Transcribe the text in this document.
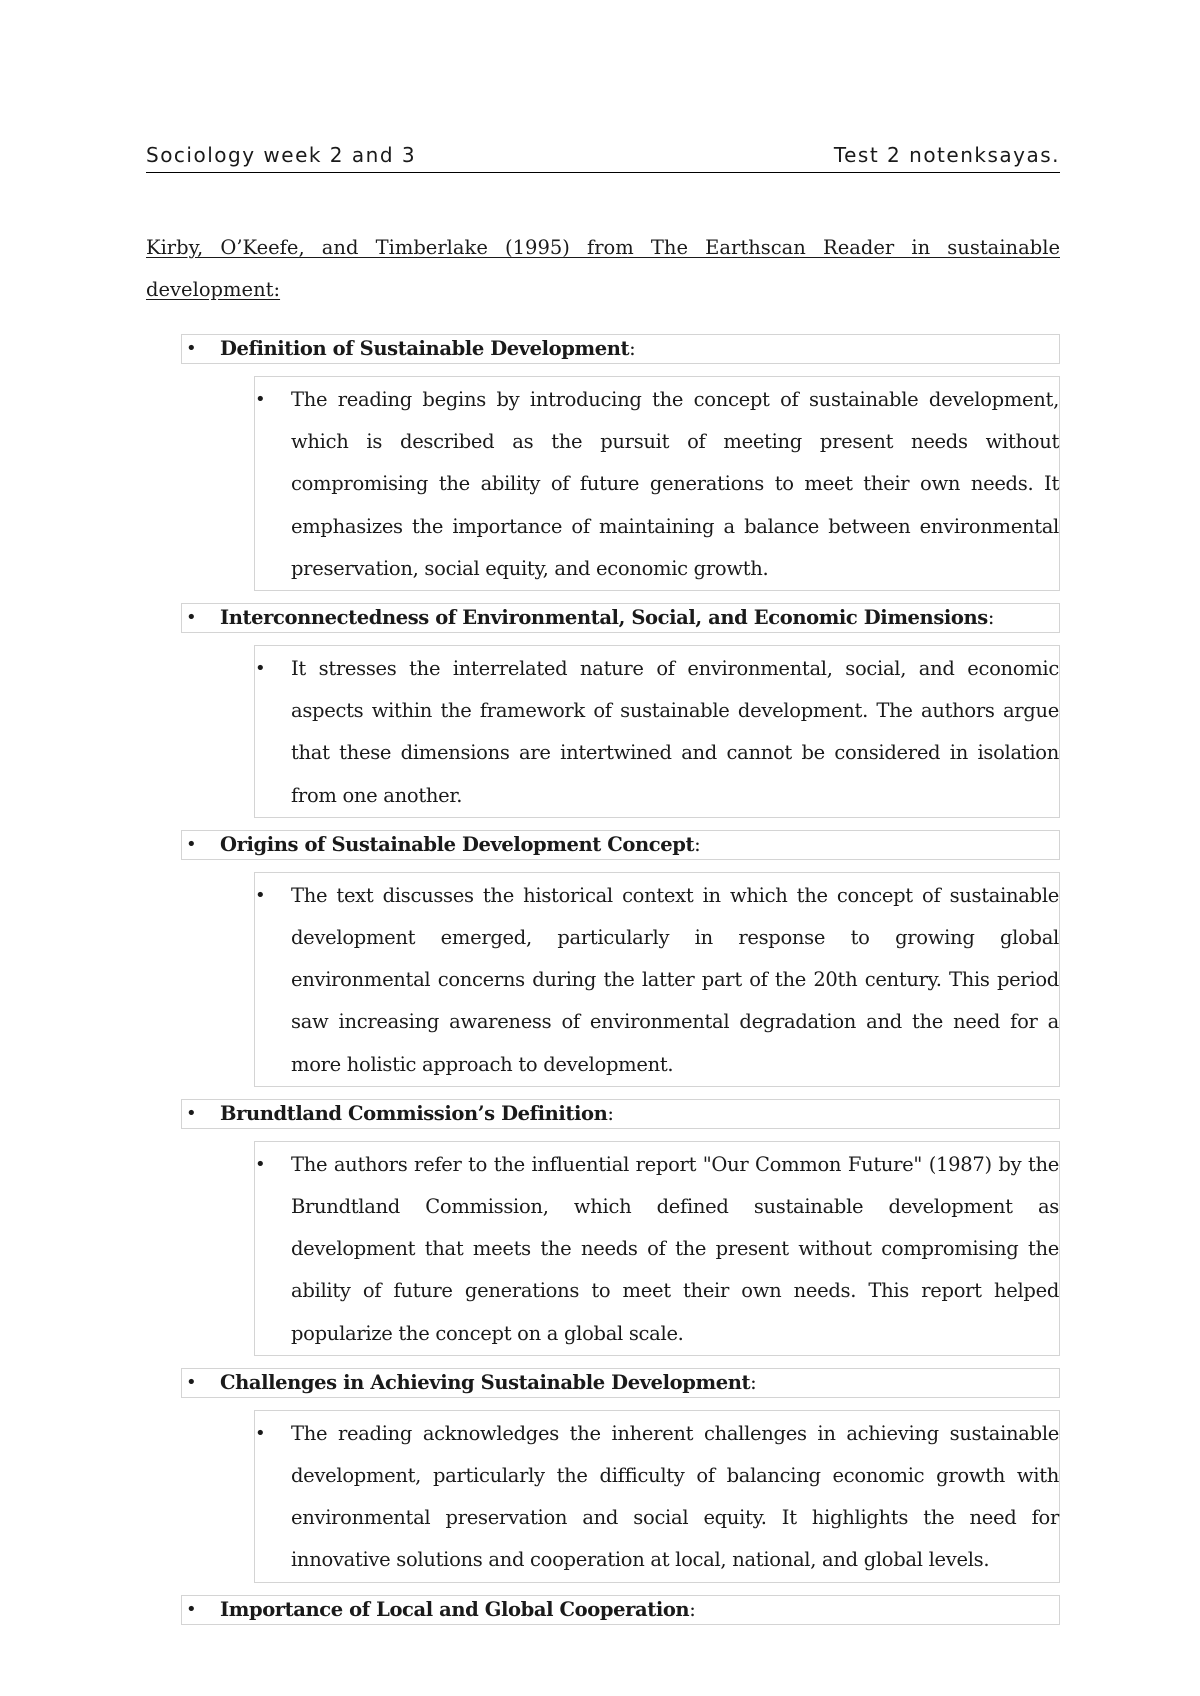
Sociology week 2 and 3	Test 2 notenksayas.
Kirby, O’Keefe, and Timberlake (1995) from The Earthscan Reader in sustainable development:
• Definition of Sustainable Development:
• The reading begins by introducing the concept of sustainable development, which is described as the pursuit of meeting present needs without compromising the ability of future generations to meet their own needs. It emphasizes the importance of maintaining a balance between environmental preservation, social equity, and economic growth.
• Interconnectedness of Environmental, Social, and Economic Dimensions:
• It stresses the interrelated nature of environmental, social, and economic aspects within the framework of sustainable development. The authors argue that these dimensions are intertwined and cannot be considered in isolation from one another.
• Origins of Sustainable Development Concept:
• The text discusses the historical context in which the concept of sustainable development emerged, particularly in response to growing global environmental concerns during the latter part of the 20th century. This period saw increasing awareness of environmental degradation and the need for a more holistic approach to development.
• Brundtland Commission’s Definition:
• The authors refer to the influential report "Our Common Future" (1987) by the Brundtland Commission, which defined sustainable development as development that meets the needs of the present without compromising the ability of future generations to meet their own needs. This report helped popularize the concept on a global scale.
• Challenges in Achieving Sustainable Development:
• The reading acknowledges the inherent challenges in achieving sustainable development, particularly the difficulty of balancing economic growth with environmental preservation and social equity. It highlights the need for innovative solutions and cooperation at local, national, and global levels.
• Importance of Local and Global Cooperation:
